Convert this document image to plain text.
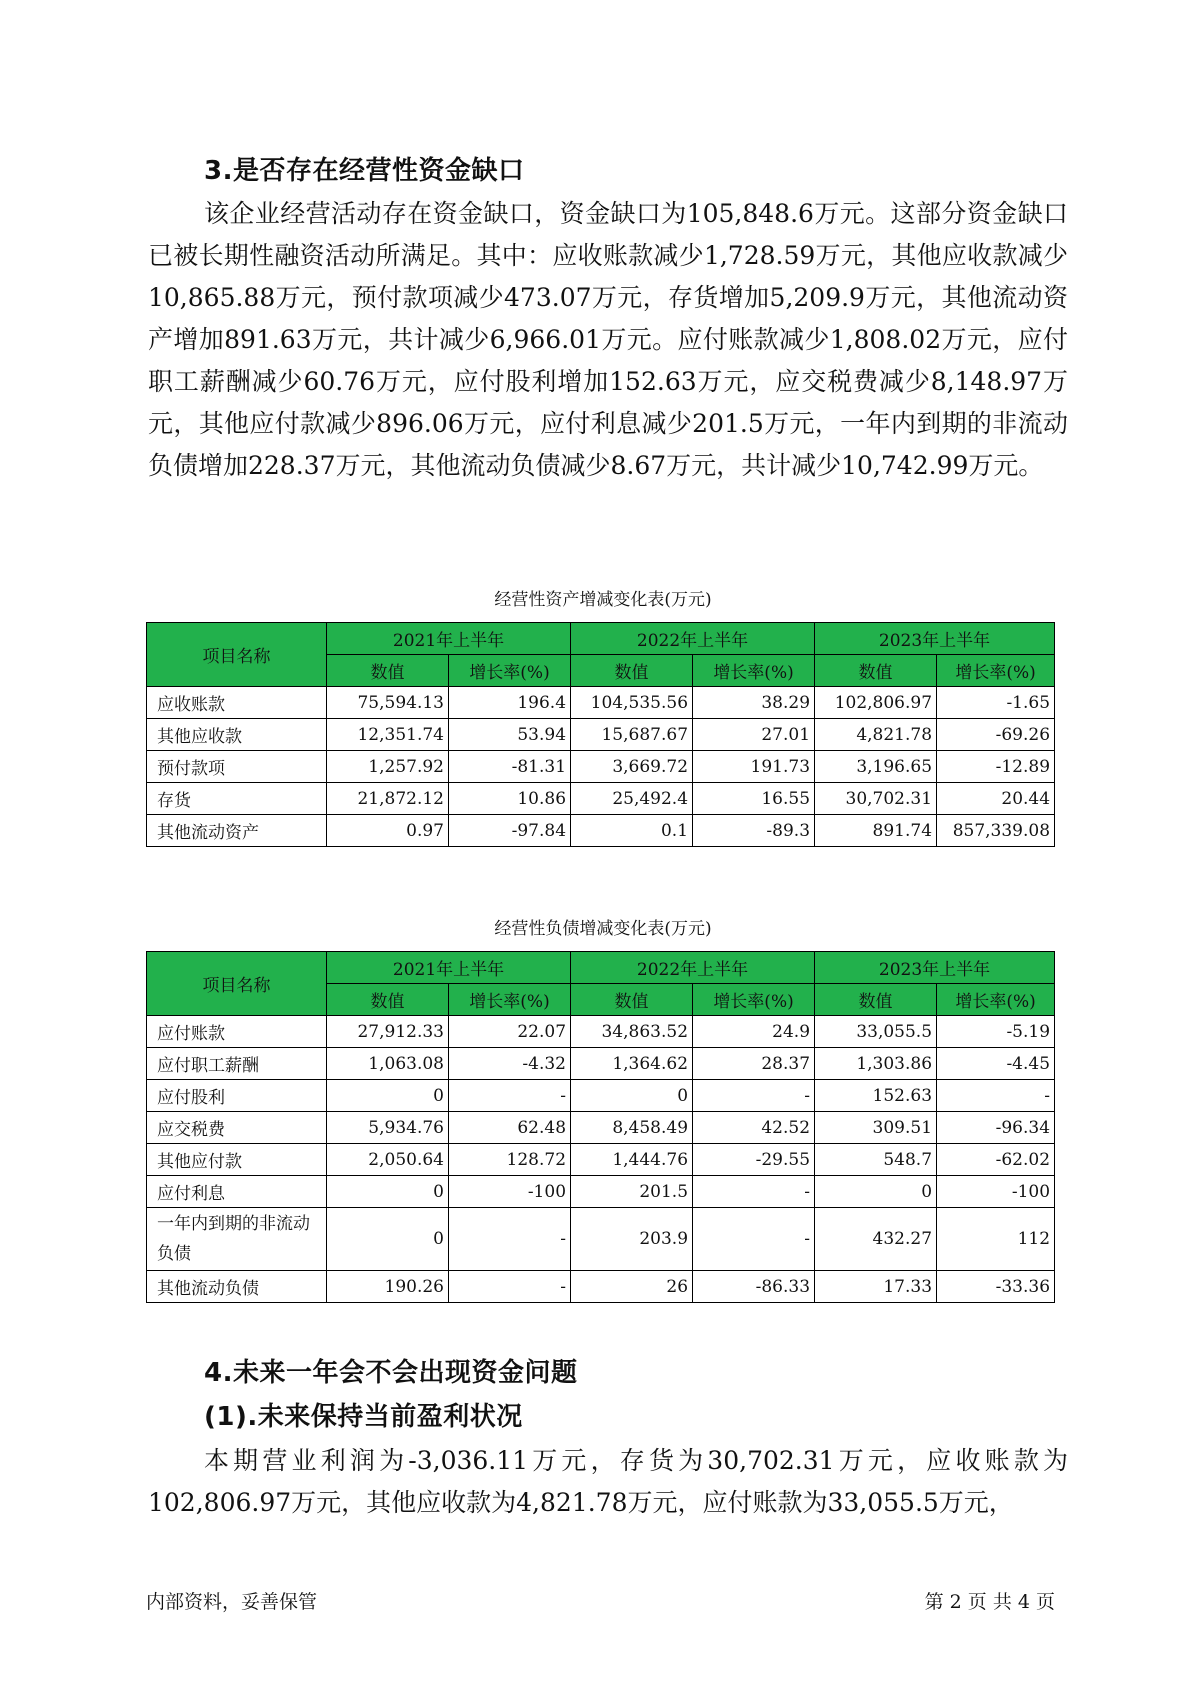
3.是否存在经营性资金缺口

该企业经营活动存在资金缺口，资金缺口为105,848.6万元。这部分资金缺口已被长期性融资活动所满足。其中：应收账款减少1,728.59万元，其他应收款减少10,865.88万元，预付款项减少473.07万元，存货增加5,209.9万元，其他流动资产增加891.63万元，共计减少6,966.01万元。应付账款减少1,808.02万元，应付职工薪酬减少60.76万元，应付股利增加152.63万元，应交税费减少8,148.97万元，其他应付款减少896.06万元，应付利息减少201.5万元，一年内到期的非流动负债增加228.37万元，其他流动负债减少8.67万元，共计减少10,742.99万元。

经营性资产增减变化表(万元)
项目名称	2021年上半年		2022年上半年		2023年上半年	
	数值	增长率(%)	数值	增长率(%)	数值	增长率(%)
应收账款	75,594.13	196.4	104,535.56	38.29	102,806.97	-1.65
其他应收款	12,351.74	53.94	15,687.67	27.01	4,821.78	-69.26
预付款项	1,257.92	-81.31	3,669.72	191.73	3,196.65	-12.89
存货	21,872.12	10.86	25,492.4	16.55	30,702.31	20.44
其他流动资产	0.97	-97.84	0.1	-89.3	891.74	857,339.08
经营性负债增减变化表(万元)
项目名称	2021年上半年		2022年上半年		2023年上半年	
	数值	增长率(%)	数值	增长率(%)	数值	增长率(%)
应付账款	27,912.33	22.07	34,863.52	24.9	33,055.5	-5.19
应付职工薪酬	1,063.08	-4.32	1,364.62	28.37	1,303.86	-4.45
应付股利	0	-	0	-	152.63	-
应交税费	5,934.76	62.48	8,458.49	42.52	309.51	-96.34
其他应付款	2,050.64	128.72	1,444.76	-29.55	548.7	-62.02
应付利息	0	-100	201.5	-	0	-100
一年内到期的非流动负债	0	-	203.9	-	432.27	112
其他流动负债	190.26	-	26	-86.33	17.33	-33.36
4.未来一年会不会出现资金问题
(1).未来保持当前盈利状况

本期营业利润为-3,036.11万元，存货为30,702.31万元，应收账款为102,806.97万元，其他应收款为4,821.78万元，应付账款为33,055.5万元，

内部资料，妥善保管	第 2 页 共 4 页
